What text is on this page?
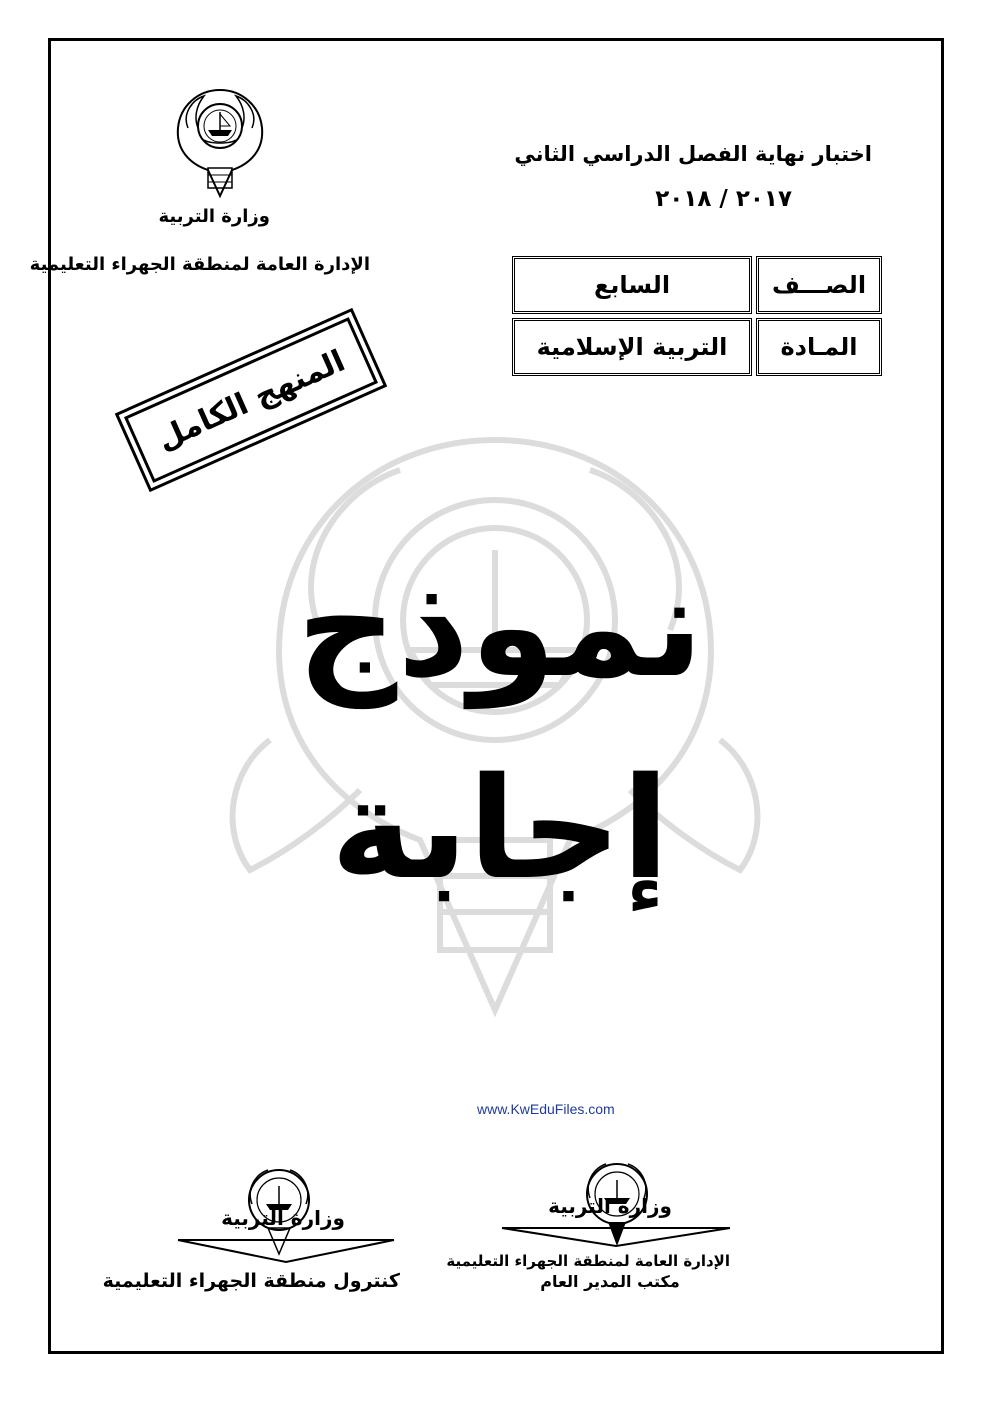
وزارة التربية
الإدارة العامة لمنطقة الجهراء التعليمية
اختبار نهاية الفصل الدراسي الثاني
٢٠١٧ / ٢٠١٨
الصـــف
السابع
المـادة
التربية الإسلامية
المنهج الكامل
نموذج
إجابة
www.KwEduFiles.com
وزارة التربية
كنترول منطقة الجهراء التعليمية
وزارة التربية
الإدارة العامة لمنطقة الجهراء التعليمية
مكتب المدير العام
